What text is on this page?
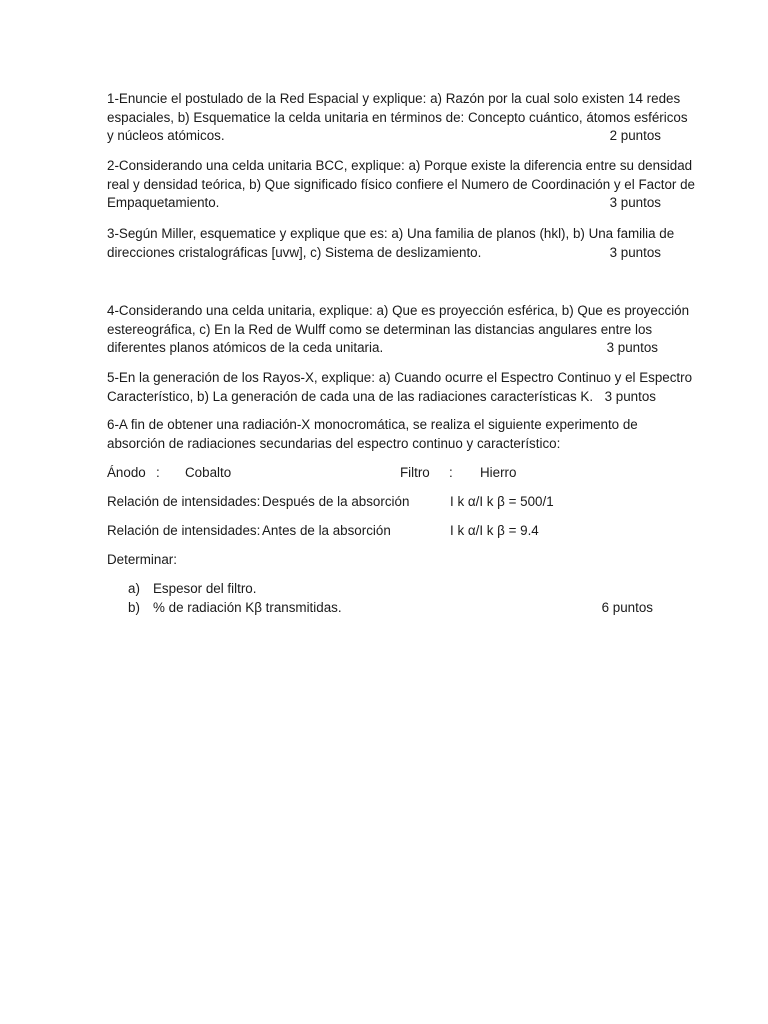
1-Enuncie el postulado de la Red Espacial y explique: a) Razón por la cual solo existen 14 redes
espaciales, b) Esquematice la celda unitaria en términos de: Concepto cuántico, átomos esféricos
y núcleos atómicos.	2 puntos
2-Considerando una celda unitaria BCC, explique: a) Porque existe la diferencia entre su densidad
real y densidad teórica, b) Que significado físico confiere el Numero de Coordinación y el Factor de
Empaquetamiento.	3 puntos
3-Según Miller, esquematice y explique que es: a) Una familia de planos (hkl), b) Una familia de
direcciones cristalográficas [uvw], c) Sistema de deslizamiento.	3 puntos
4-Considerando una celda unitaria, explique: a) Que es proyección esférica, b) Que es proyección
estereográfica, c) En la Red de Wulff como se determinan las distancias angulares entre los
diferentes planos atómicos de la ceda unitaria.	3 puntos
5-En la generación de los Rayos-X, explique: a) Cuando ocurre el Espectro Continuo y el Espectro
Característico, b) La generación de cada una de las radiaciones características K. 3 puntos
6-A fin de obtener una radiación-X monocromática, se realiza el siguiente experimento de
absorción de radiaciones secundarias del espectro continuo y característico:
Ánodo : Cobalto	Filtro : Hierro
Relación de intensidades: Después de la absorción	I k α/I k β = 500/1
Relación de intensidades: Antes de la absorción	I k α/I k β = 9.4
Determinar:
a) Espesor del filtro.
b) % de radiación Kβ transmitidas.	6 puntos
